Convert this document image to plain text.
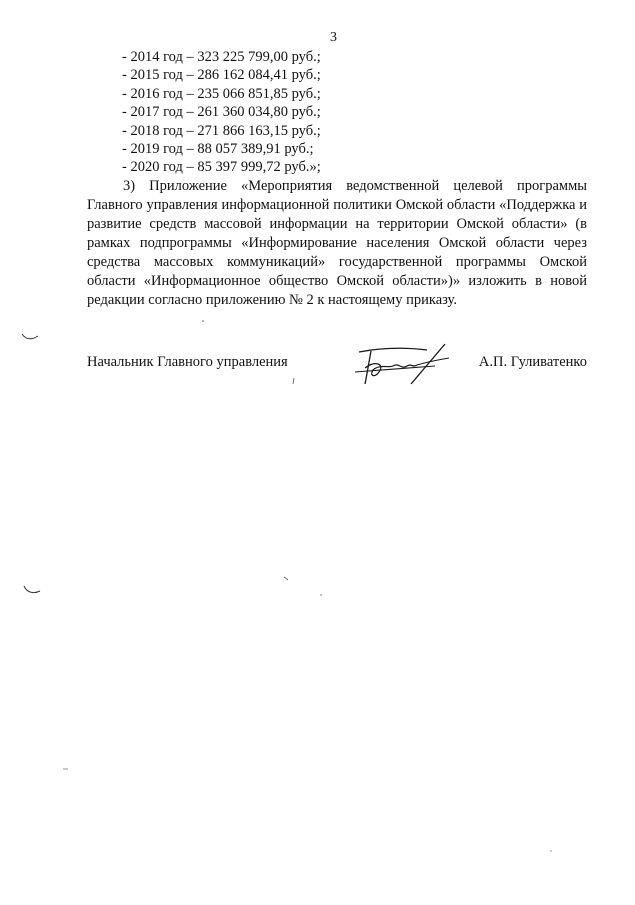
3
- 2014 год – 323 225 799,00 руб.;
- 2015 год – 286 162 084,41 руб.;
- 2016 год – 235 066 851,85 руб.;
- 2017 год – 261 360 034,80 руб.;
- 2018 год – 271 866 163,15 руб.;
- 2019 год – 88 057 389,91 руб.;
- 2020 год – 85 397 999,72 руб.»;

3) Приложение «Мероприятия ведомственной целевой программы Главного управления информационной политики Омской области «Поддержка и развитие средств массовой информации на территории Омской области» (в рамках подпрограммы «Информирование населения Омской области через средства массовых коммуникаций» государственной программы Омской области «Информационное общество Омской области»)» изложить в новой редакции согласно приложению № 2 к настоящему приказу.

Начальник Главного управления	А.П. Гуливатенко
